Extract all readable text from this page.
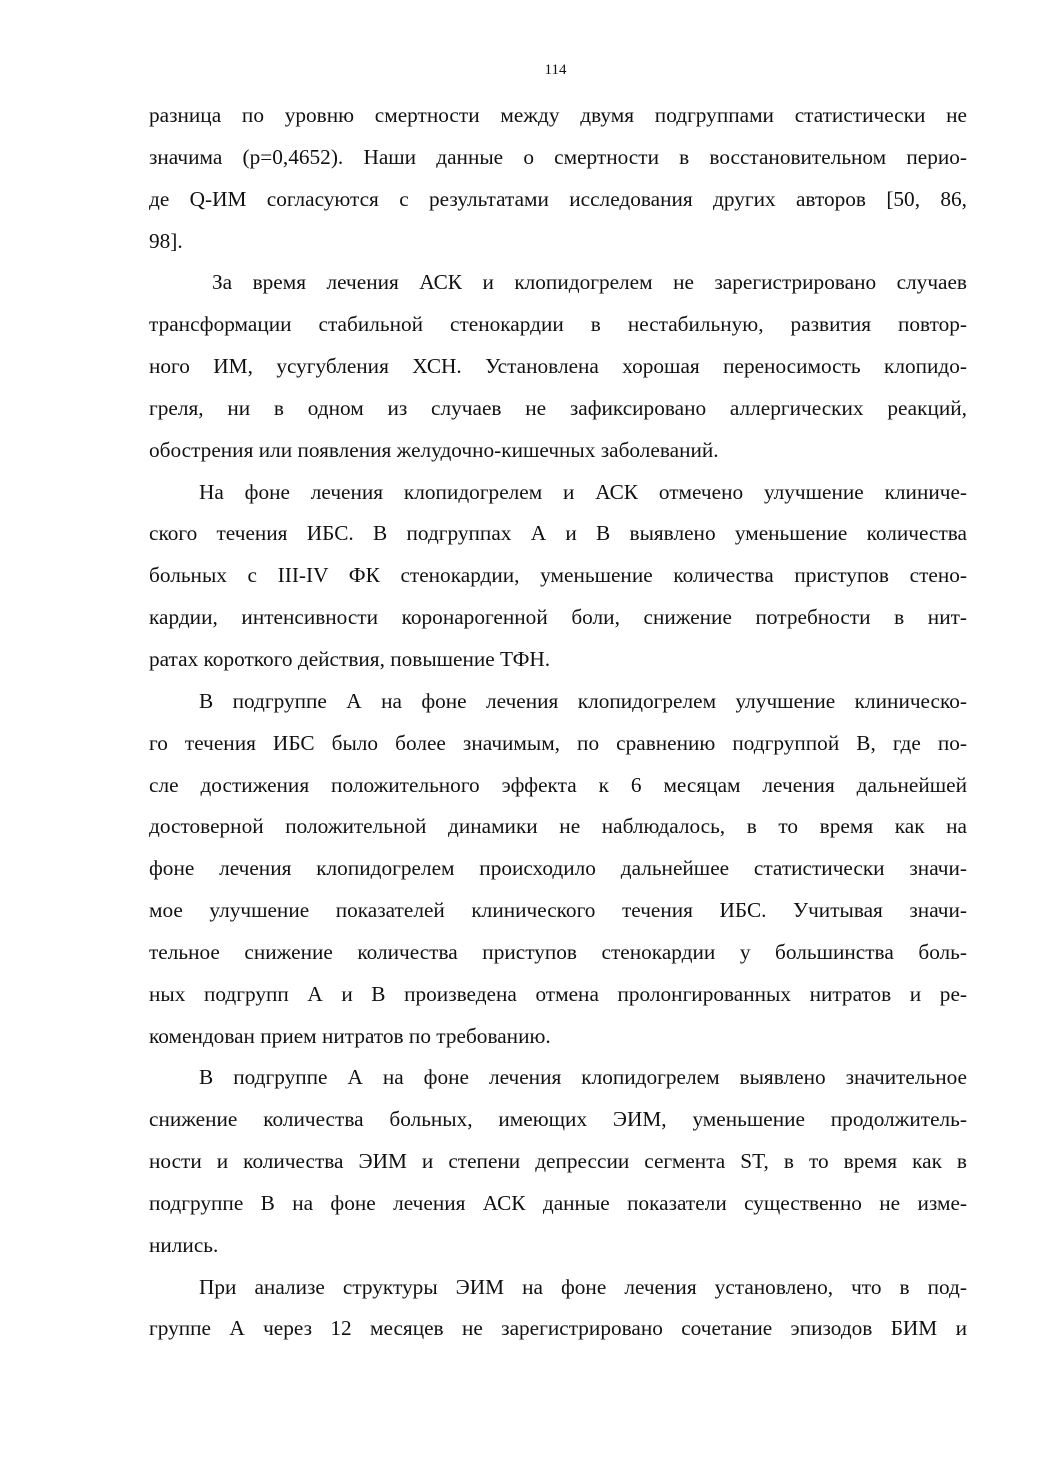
114
разница по уровню смертности между двумя подгруппами статистически не
значима (p=0,4652). Наши данные о смертности в восстановительном перио-
де Q-ИМ согласуются с результатами исследования других авторов [50, 86,
98].
За время лечения АСК и клопидогрелем не зарегистрировано случаев
трансформации стабильной стенокардии в нестабильную, развития повтор-
ного ИМ, усугубления ХСН. Установлена хорошая переносимость клопидо-
греля, ни в одном из случаев не зафиксировано аллергических реакций,
обострения или появления желудочно-кишечных заболеваний.
На фоне лечения клопидогрелем и АСК отмечено улучшение клиниче-
ского течения ИБС. В подгруппах А и В выявлено уменьшение количества
больных с III-IV ФК стенокардии, уменьшение количества приступов стено-
кардии, интенсивности коронарогенной боли, снижение потребности в нит-
ратах короткого действия, повышение ТФН.
В подгруппе А на фоне лечения клопидогрелем улучшение клиническо-
го течения ИБС было более значимым, по сравнению подгруппой В, где по-
сле достижения положительного эффекта к 6 месяцам лечения дальнейшей
достоверной положительной динамики не наблюдалось, в то время как на
фоне лечения клопидогрелем происходило дальнейшее статистически значи-
мое улучшение показателей клинического течения ИБС. Учитывая значи-
тельное снижение количества приступов стенокардии у большинства боль-
ных подгрупп А и В произведена отмена пролонгированных нитратов и ре-
комендован прием нитратов по требованию.
В подгруппе А на фоне лечения клопидогрелем выявлено значительное
снижение количества больных, имеющих ЭИМ, уменьшение продолжитель-
ности и количества ЭИМ и степени депрессии сегмента ST, в то время как в
подгруппе В на фоне лечения АСК данные показатели существенно не изме-
нились.
При анализе структуры ЭИМ на фоне лечения установлено, что в под-
группе А через 12 месяцев не зарегистрировано сочетание эпизодов БИМ и
